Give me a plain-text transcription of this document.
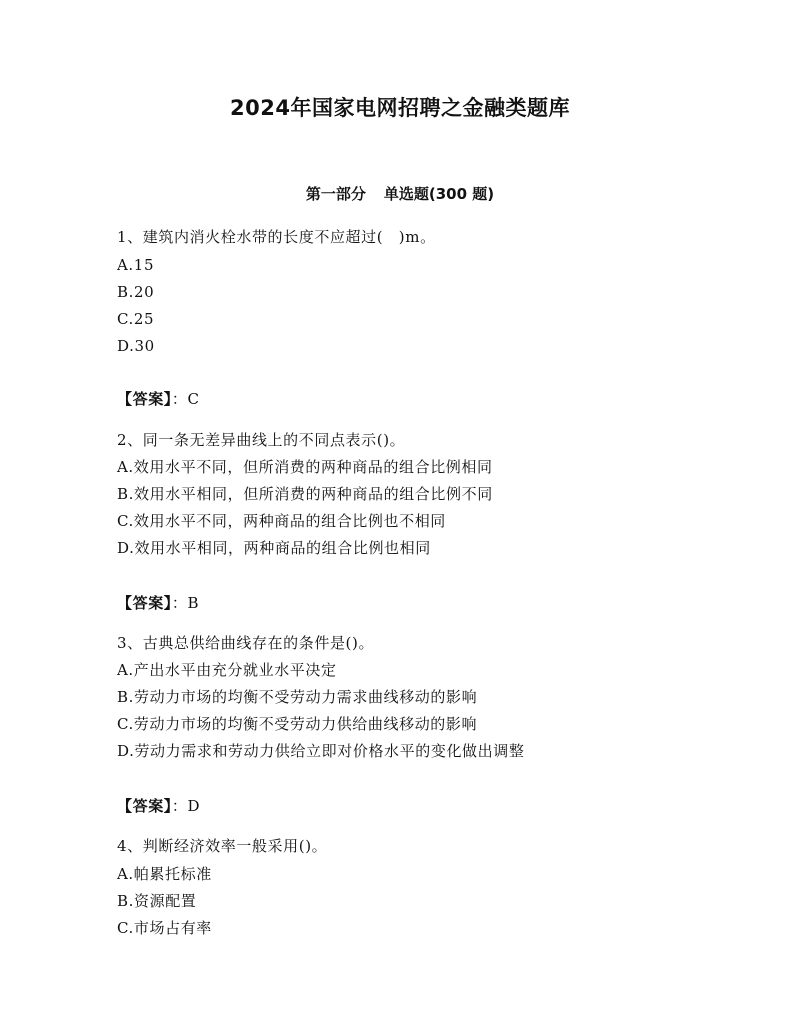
2024年国家电网招聘之金融类题库
第一部分 单选题(300 题)
1、建筑内消火栓水带的长度不应超过(　)m。
A.15
B.20
C.25
D.30
【答案】：C
2、同一条无差异曲线上的不同点表示()。
A.效用水平不同，但所消费的两种商品的组合比例相同
B.效用水平相同，但所消费的两种商品的组合比例不同
C.效用水平不同，两种商品的组合比例也不相同
D.效用水平相同，两种商品的组合比例也相同
【答案】：B
3、古典总供给曲线存在的条件是()。
A.产出水平由充分就业水平决定
B.劳动力市场的均衡不受劳动力需求曲线移动的影响
C.劳动力市场的均衡不受劳动力供给曲线移动的影响
D.劳动力需求和劳动力供给立即对价格水平的变化做出调整
【答案】：D
4、判断经济效率一般采用()。
A.帕累托标准
B.资源配置
C.市场占有率
